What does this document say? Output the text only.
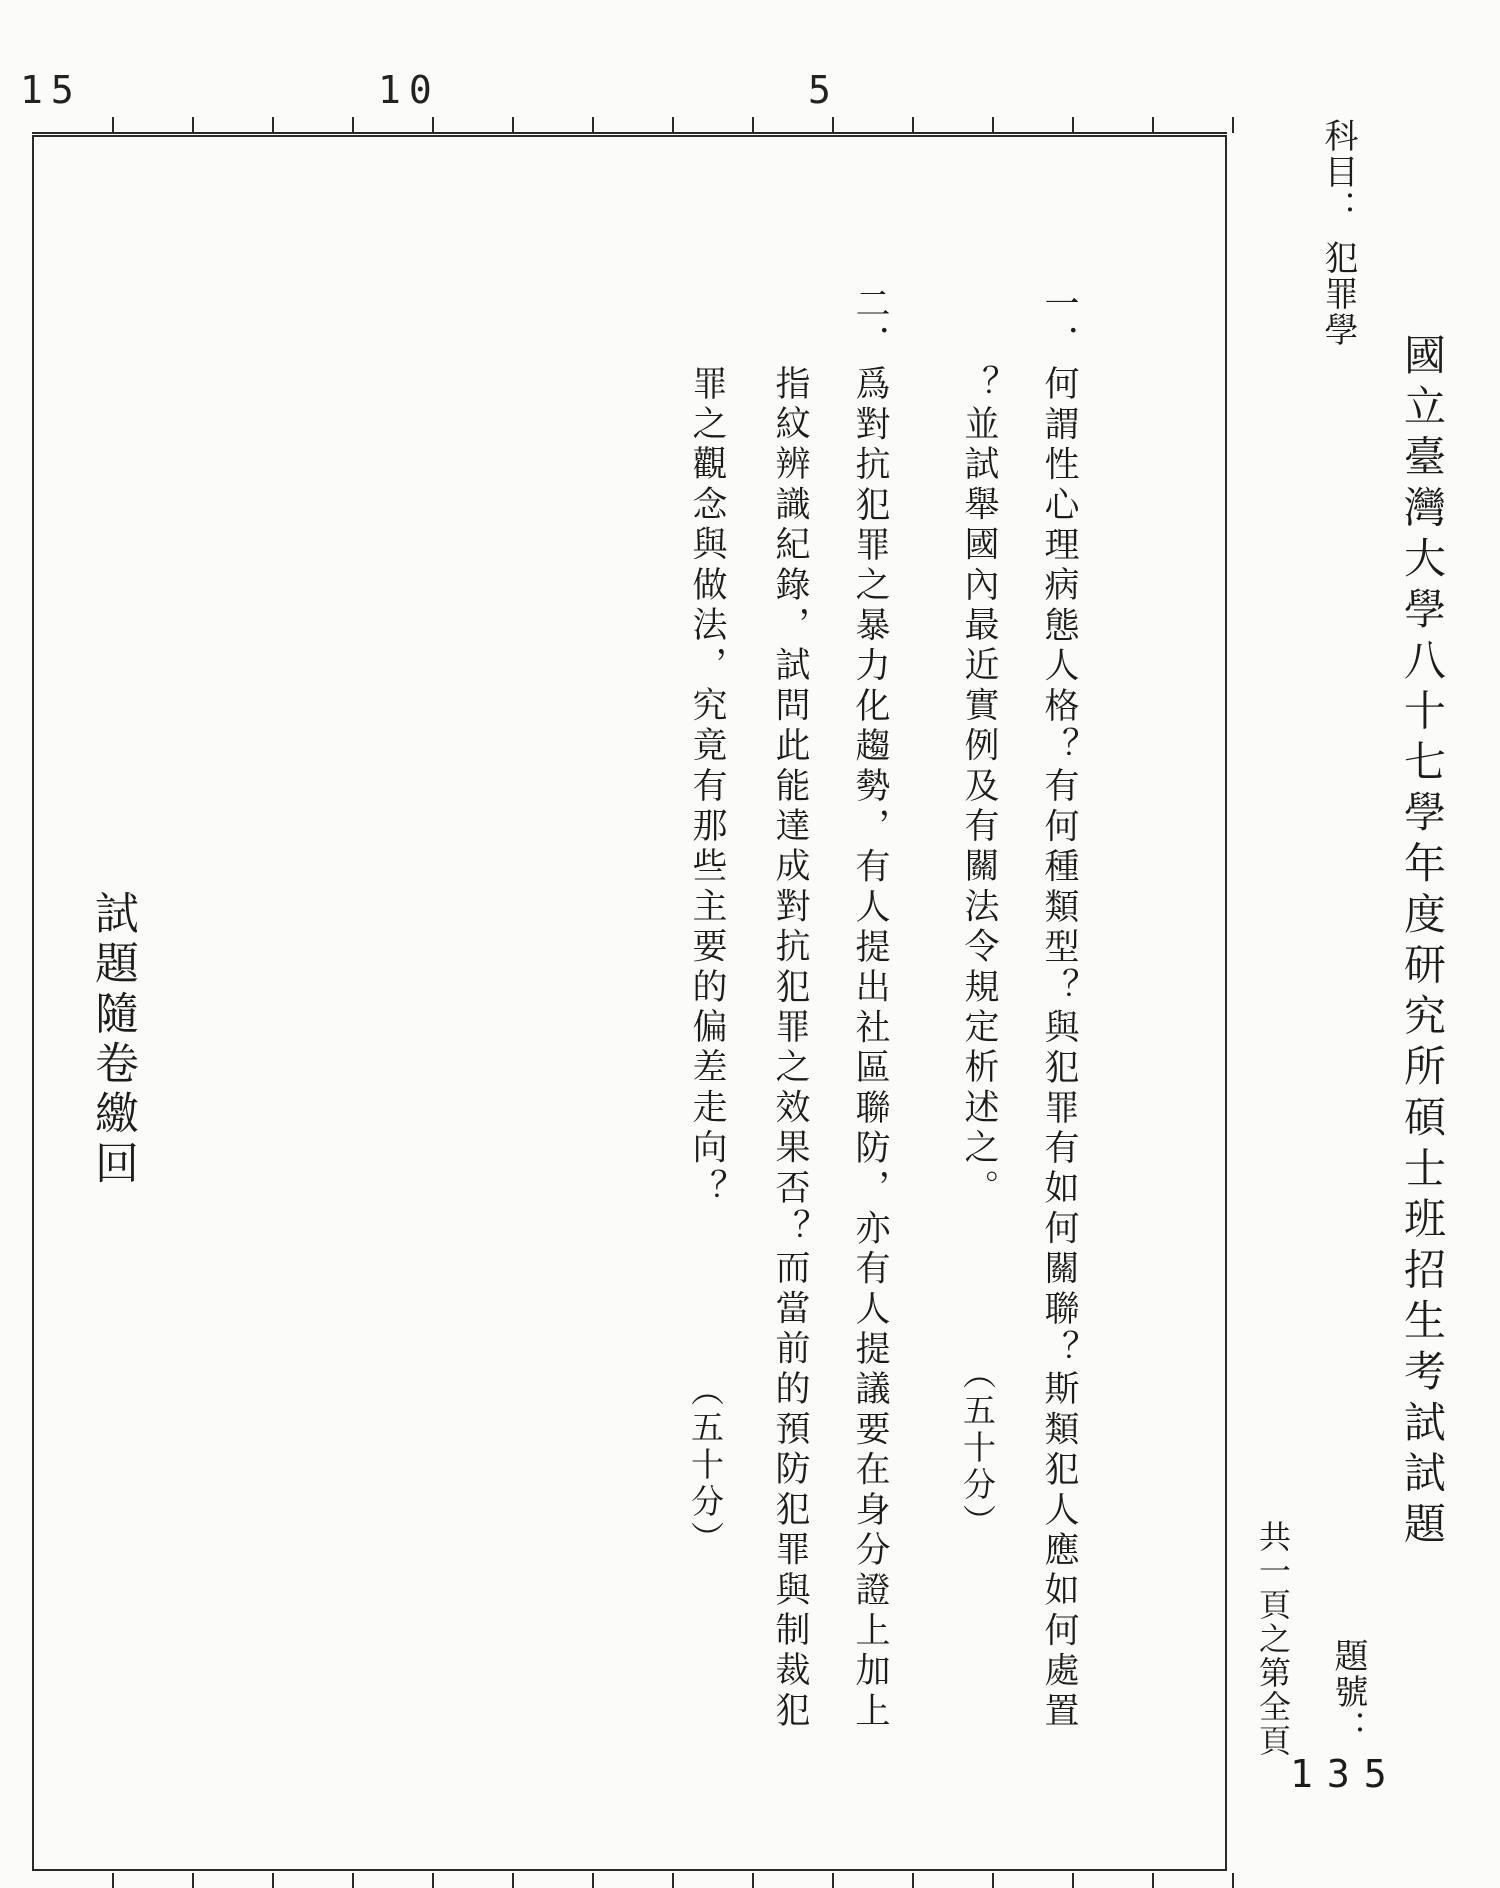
15	10	5

一．何謂性心理病態人格？有何種類型？與犯罪有如何關聯？斯類犯人應如何處置

？並試舉國內最近實例及有關法令規定析述之。

（五十分）

二．爲對抗犯罪之暴力化趨勢，有人提出社區聯防，亦有人提議要在身分證上加上

指紋辨識紀錄，試問此能達成對抗犯罪之效果否？而當前的預防犯罪與制裁犯

罪之觀念與做法，究竟有那些主要的偏差走向？

（五十分）

試題隨卷繳回	國立臺灣大學八十七學年度研究所碩士班招生考試試題

科目：

犯罪學

題號：

共一頁之第全頁

135
